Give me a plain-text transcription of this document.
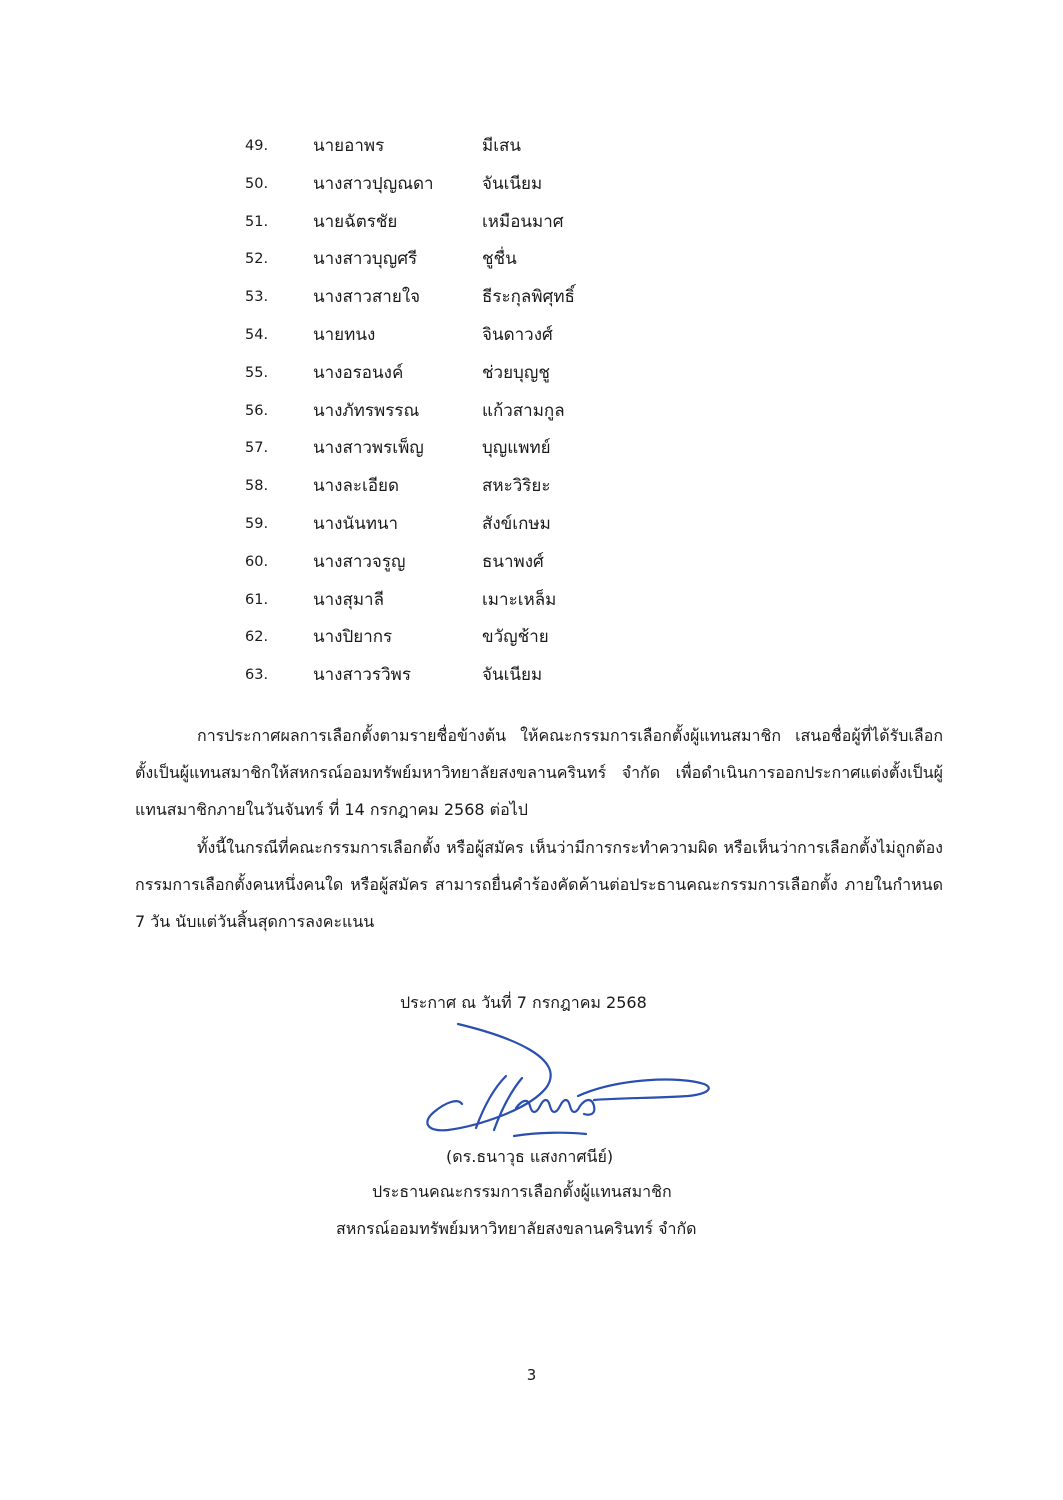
49.	นายอาพร	มีเสน
50.	นางสาวปุญณดา	จันเนียม
51.	นายฉัตรชัย	เหมือนมาศ
52.	นางสาวบุญศรี	ชูชื่น
53.	นางสาวสายใจ	ธีระกุลพิศุทธิ์
54.	นายทนง	จินดาวงศ์
55.	นางอรอนงค์	ช่วยบุญชู
56.	นางภัทรพรรณ	แก้วสามกูล
57.	นางสาวพรเพ็ญ	บุญแพทย์
58.	นางละเอียด	สหะวิริยะ
59.	นางนันทนา	สังข์เกษม
60.	นางสาวจรูญ	ธนาพงศ์
61.	นางสุมาลี	เมาะเหล็ม
62.	นางปิยากร	ขวัญช้าย
63.	นางสาวรวิพร	จันเนียม
การประกาศผลการเลือกตั้งตามรายชื่อข้างต้น ให้คณะกรรมการเลือกตั้งผู้แทนสมาชิก เสนอชื่อผู้ที่ได้รับเลือกตั้งเป็นผู้แทนสมาชิกให้สหกรณ์ออมทรัพย์มหาวิทยาลัยสงขลานครินทร์ จำกัด เพื่อดำเนินการออกประกาศแต่งตั้งเป็นผู้แทนสมาชิกภายในวันจันทร์ ที่ 14 กรกฎาคม 2568 ต่อไป
ทั้งนี้ในกรณีที่คณะกรรมการเลือกตั้ง หรือผู้สมัคร เห็นว่ามีการกระทำความผิด หรือเห็นว่าการเลือกตั้งไม่ถูกต้อง กรรมการเลือกตั้งคนหนึ่งคนใด หรือผู้สมัคร สามารถยื่นคำร้องคัดค้านต่อประธานคณะกรรมการเลือกตั้ง ภายในกำหนด 7 วัน นับแต่วันสิ้นสุดการลงคะแนน
ประกาศ ณ วันที่ 7 กรกฎาคม 2568
(ดร.ธนาวุธ แสงกาศนีย์)
ประธานคณะกรรมการเลือกตั้งผู้แทนสมาชิก
สหกรณ์ออมทรัพย์มหาวิทยาลัยสงขลานครินทร์ จำกัด
3
